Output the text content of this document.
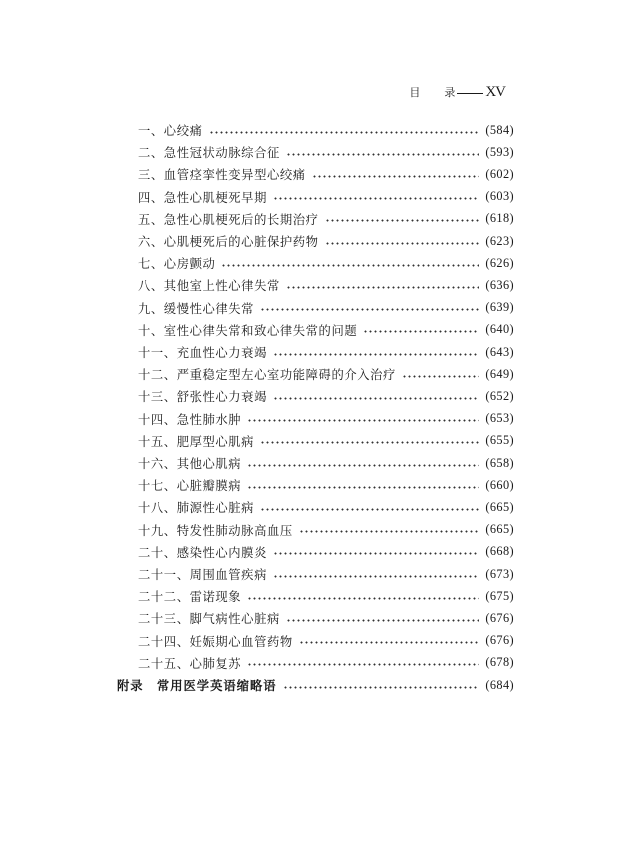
目 录 XV
一、心绞痛	(584)
二、急性冠状动脉综合征	(593)
三、血管痉挛性变异型心绞痛	(602)
四、急性心肌梗死早期	(603)
五、急性心肌梗死后的长期治疗	(618)
六、心肌梗死后的心脏保护药物	(623)
七、心房颤动	(626)
八、其他室上性心律失常	(636)
九、缓慢性心律失常	(639)
十、室性心律失常和致心律失常的问题	(640)
十一、充血性心力衰竭	(643)
十二、严重稳定型左心室功能障碍的介入治疗	(649)
十三、舒张性心力衰竭	(652)
十四、急性肺水肿	(653)
十五、肥厚型心肌病	(655)
十六、其他心肌病	(658)
十七、心脏瓣膜病	(660)
十八、肺源性心脏病	(665)
十九、特发性肺动脉高血压	(665)
二十、感染性心内膜炎	(668)
二十一、周围血管疾病	(673)
二十二、雷诺现象	(675)
二十三、脚气病性心脏病	(676)
二十四、妊娠期心血管药物	(676)
二十五、心肺复苏	(678)
附录　常用医学英语缩略语	(684)
